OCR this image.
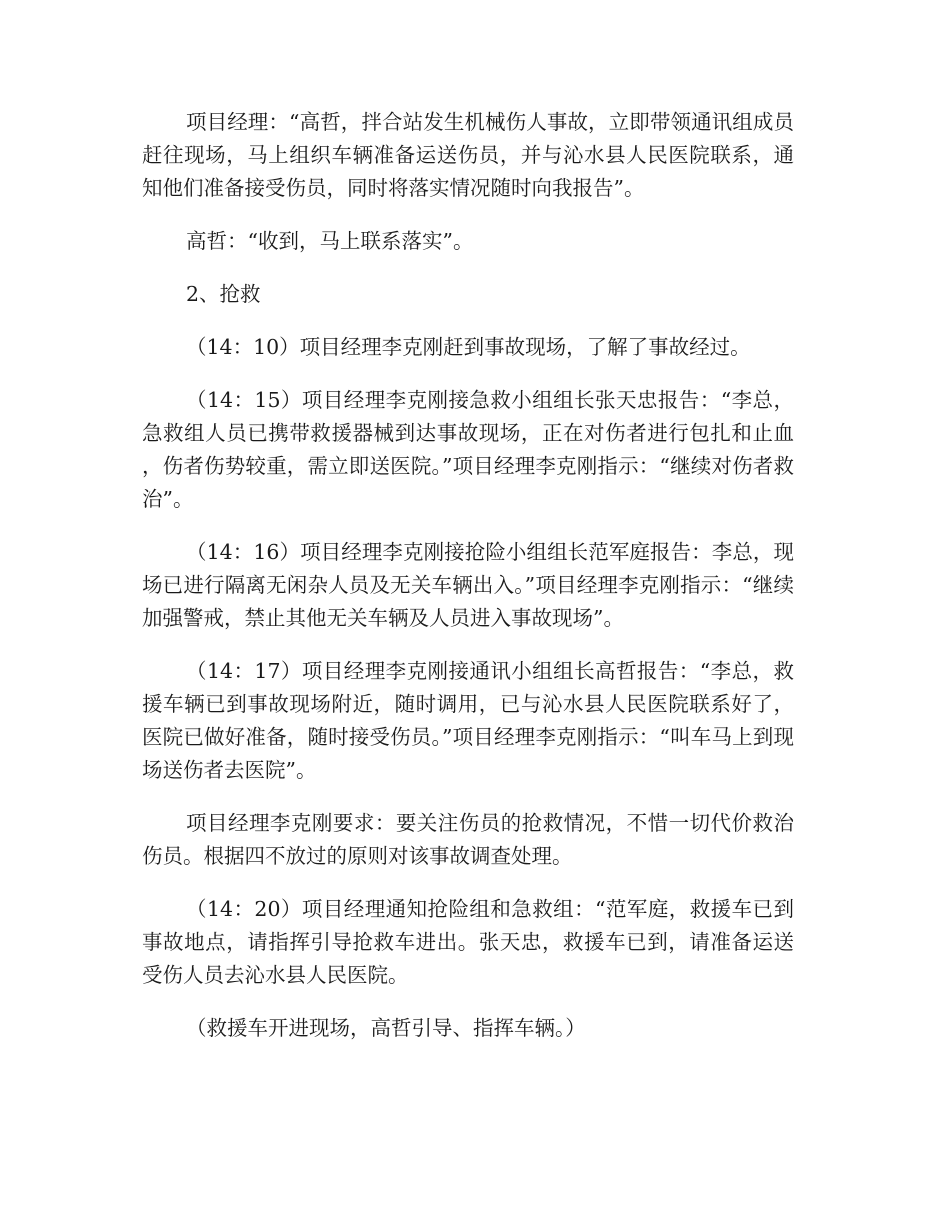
项目经理：“高哲，拌合站发生机械伤人事故，立即带领通讯组成员赶往现场，马上组织车辆准备运送伤员，并与沁水县人民医院联系，通知他们准备接受伤员，同时将落实情况随时向我报告”。

高哲：“收到，马上联系落实”。

2、抢救

（14：10）项目经理李克刚赶到事故现场，了解了事故经过。

（14：15）项目经理李克刚接急救小组组长张天忠报告：“李总，急救组人员已携带救援器械到达事故现场，正在对伤者进行包扎和止血，伤者伤势较重，需立即送医院。”项目经理李克刚指示：“继续对伤者救治”。

（14：16）项目经理李克刚接抢险小组组长范军庭报告：李总，现场已进行隔离无闲杂人员及无关车辆出入。”项目经理李克刚指示：“继续加强警戒，禁止其他无关车辆及人员进入事故现场”。

（14：17）项目经理李克刚接通讯小组组长高哲报告：“李总，救援车辆已到事故现场附近，随时调用，已与沁水县人民医院联系好了，医院已做好准备，随时接受伤员。”项目经理李克刚指示：“叫车马上到现场送伤者去医院”。

项目经理李克刚要求：要关注伤员的抢救情况，不惜一切代价救治伤员。根据四不放过的原则对该事故调查处理。

（14：20）项目经理通知抢险组和急救组：“范军庭，救援车已到事故地点，请指挥引导抢救车进出。张天忠，救援车已到，请准备运送受伤人员去沁水县人民医院。

（救援车开进现场，高哲引导、指挥车辆。）
